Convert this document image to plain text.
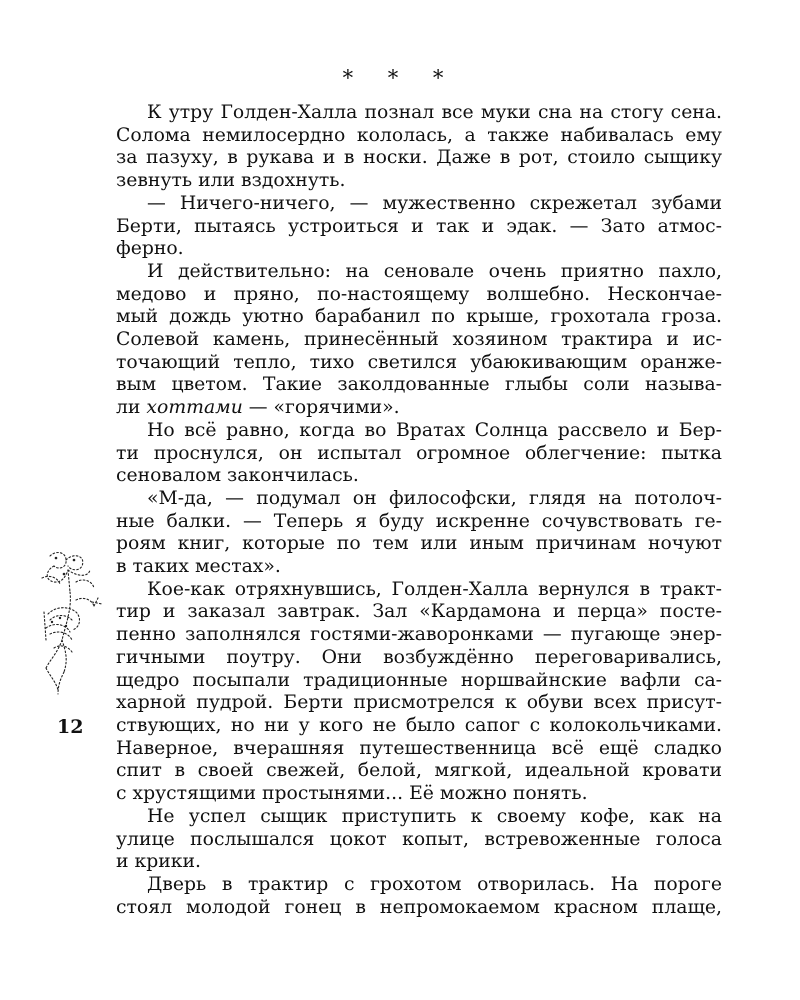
* * *

К утру Голден-Халла познал все муки сна на стогу сена.
Солома немилосердно кололась, а также набивалась ему
за пазуху, в рукава и в носки. Даже в рот, стоило сыщику
зевнуть или вздохнуть.

— Ничего-ничего, — мужественно скрежетал зубами
Берти, пытаясь устроиться и так и эдак. — Зато атмос-
ферно.

И действительно: на сеновале очень приятно пахло,
медово и пряно, по-настоящему волшебно. Нескончае-
мый дождь уютно барабанил по крыше, грохотала гроза.
Солевой камень, принесённый хозяином трактира и ис-
точающий тепло, тихо светился убаюкивающим оранже-
вым цветом. Такие заколдованные глыбы соли называ-
ли хоттами — «горячими».

Но всё равно, когда во Вратах Солнца рассвело и Бер-
ти проснулся, он испытал огромное облегчение: пытка
сеновалом закончилась.

«М-да, — подумал он философски, глядя на потолоч-
ные балки. — Теперь я буду искренне сочувствовать ге-
роям книг, которые по тем или иным причинам ночуют
в таких местах».

Кое-как отряхнувшись, Голден-Халла вернулся в тракт-
тир и заказал завтрак. Зал «Кардамона и перца» посте-
пенно заполнялся гостями-жаворонками — пугающе энер-
гичными поутру. Они возбуждённо переговаривались,
щедро посыпали традиционные норшвайнские вафли са-
харной пудрой. Берти присмотрелся к обуви всех присут-
ствующих, но ни у кого не было сапог с колокольчиками.
Наверное, вчерашняя путешественница всё ещё сладко
спит в своей свежей, белой, мягкой, идеальной кровати
с хрустящими простынями... Её можно понять.

Не успел сыщик приступить к своему кофе, как на
улице послышался цокот копыт, встревоженные голоса
и крики.

Дверь в трактир с грохотом отворилась. На пороге
стоял молодой гонец в непромокаемом красном плаще,

12
